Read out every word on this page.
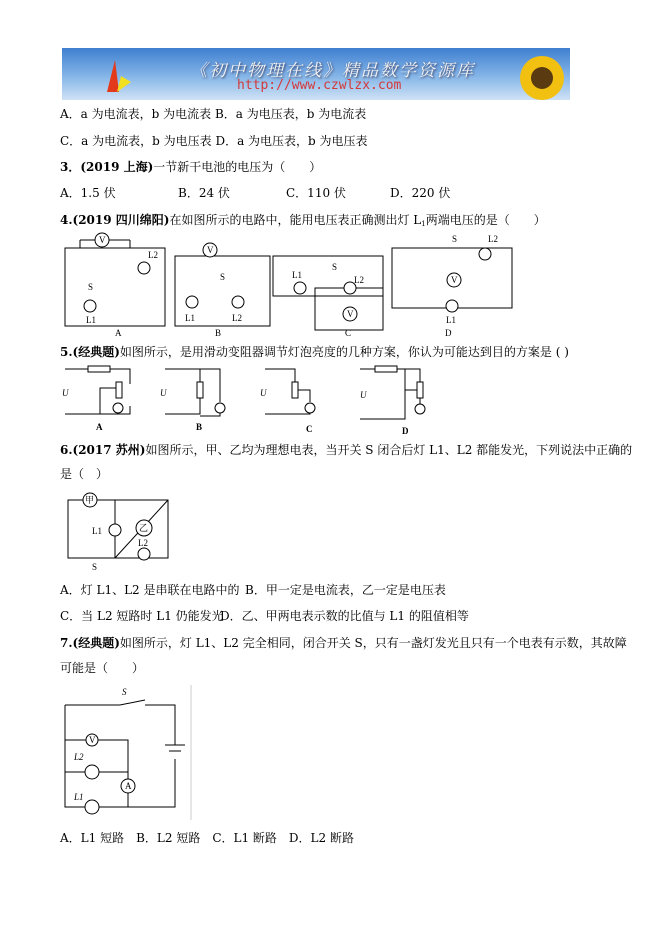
《初中物理在线》精品数学资源库
http://www.czwlzx.com
A．a 为电流表，b 为电流表 B．a 为电压表，b 为电流表
C．a 为电流表，b 为电压表 D．a 为电压表，b 为电压表
3．(2019 上海)一节新干电池的电压为（　　）
A．1.5 伏	B．24 伏	C．110 伏	D．220 伏
4.(2019 四川绵阳)在如图所示的电路中，能用电压表正确测出灯 $L_1$两端电压的是（　　）
V
S
L1
L2
A
V
S
L1	L2
B
S
L1	L2
V
C
S	L2
V
L1
D
5.(经典题)如图所示，是用滑动变阻器调节灯泡亮度的几种方案，你认为可能达到目的方案是 ( )
U	U	U	U
A	B	C	D
6.(2017 苏州)如图所示，甲、乙均为理想电表，当开关 S 闭合后灯 L1、L2 都能发光，下列说法中正确的
是（　）
甲
乙
L1
L2
S
A．灯 L1、L2 是串联在电路中的 B．甲一定是电流表，乙一定是电压表
C．当 L2 短路时 L1 仍能发光
D．乙、甲两电表示数的比值与 L1 的阻值相等
7.(经典题)如图所示，灯 L1、L2 完全相同，闭合开关 S，只有一盏灯发光且只有一个电表有示数，其故障
可能是（　　）
S
L2
L1
V
A
A．L1 短路　B．L2 短路　C．L1 断路　D．L2 断路
